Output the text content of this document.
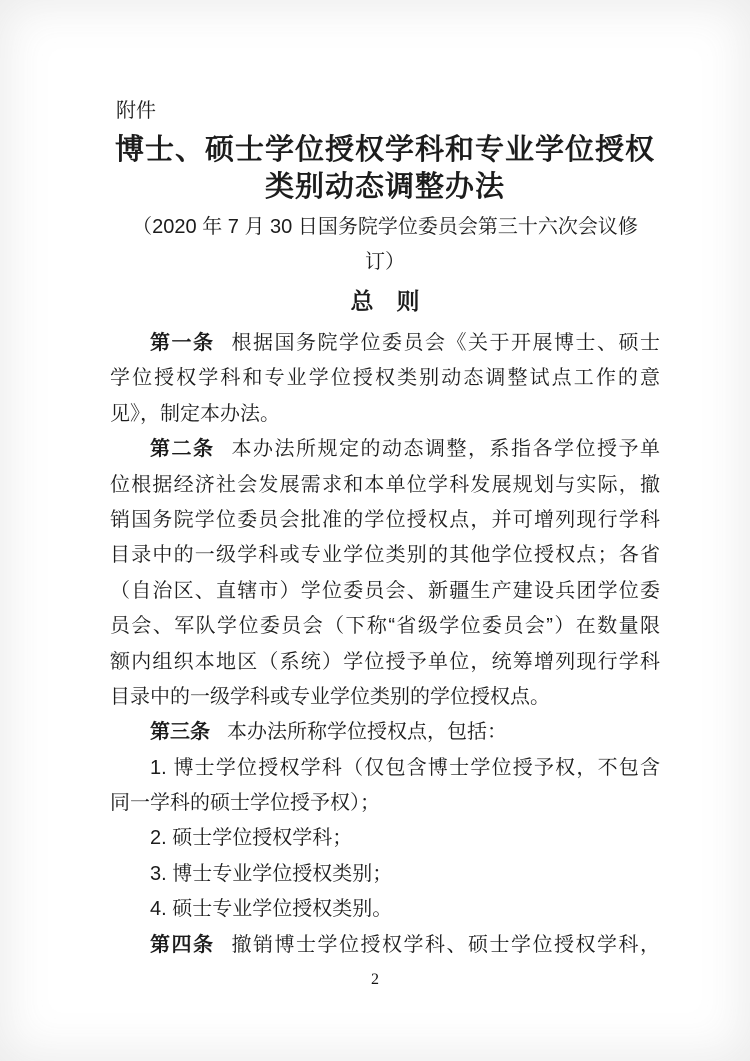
附件
博士、硕士学位授权学科和专业学位授权
类别动态调整办法
（2020 年 7 月 30 日国务院学位委员会第三十六次会议修
订）
总　则
第一条 根据国务院学位委员会《关于开展博士、硕士
学位授权学科和专业学位授权类别动态调整试点工作的意
见》，制定本办法。
第二条 本办法所规定的动态调整，系指各学位授予单
位根据经济社会发展需求和本单位学科发展规划与实际，撤
销国务院学位委员会批准的学位授权点，并可增列现行学科
目录中的一级学科或专业学位类别的其他学位授权点；各省
（自治区、直辖市）学位委员会、新疆生产建设兵团学位委
员会、军队学位委员会（下称“省级学位委员会”）在数量限
额内组织本地区（系统）学位授予单位，统筹增列现行学科
目录中的一级学科或专业学位类别的学位授权点。
第三条 本办法所称学位授权点，包括：
1. 博士学位授权学科（仅包含博士学位授予权，不包含
同一学科的硕士学位授予权）；
2. 硕士学位授权学科；
3. 博士专业学位授权类别；
4. 硕士专业学位授权类别。
第四条 撤销博士学位授权学科、硕士学位授权学科，
2
